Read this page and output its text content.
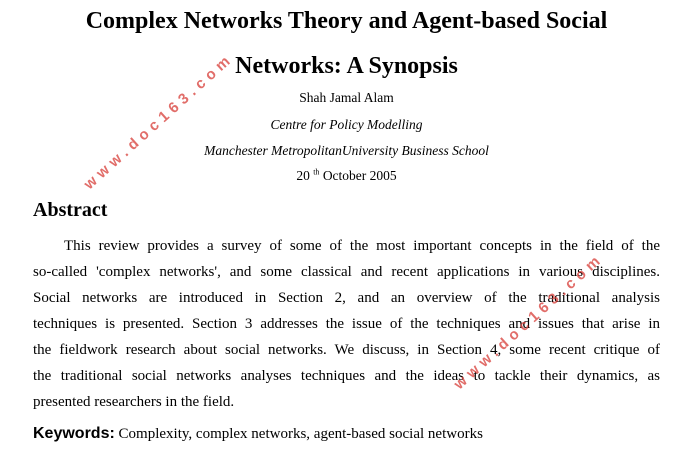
Complex Networks Theory and Agent-based Social
Networks: A Synopsis
Shah Jamal Alam
Centre for Policy Modelling
Manchester MetropolitanUniversity Business School
20 $^{th}$ October 2005
Abstract
This review provides a survey of some of the most important concepts in the field of the
so-called 'complex networks', and some classical and recent applications in various disciplines.
Social networks are introduced in Section 2, and an overview of the traditional analysis
techniques is presented. Section 3 addresses the issue of the techniques and issues that arise in
the fieldwork research about social networks. We discuss, in Section 4, some recent critique of
the traditional social networks analyses techniques and the ideas to tackle their dynamics, as
presented researchers in the field.
Keywords: Complexity, complex networks, agent-based social networks
www.doc163.com
www.doc163.com
